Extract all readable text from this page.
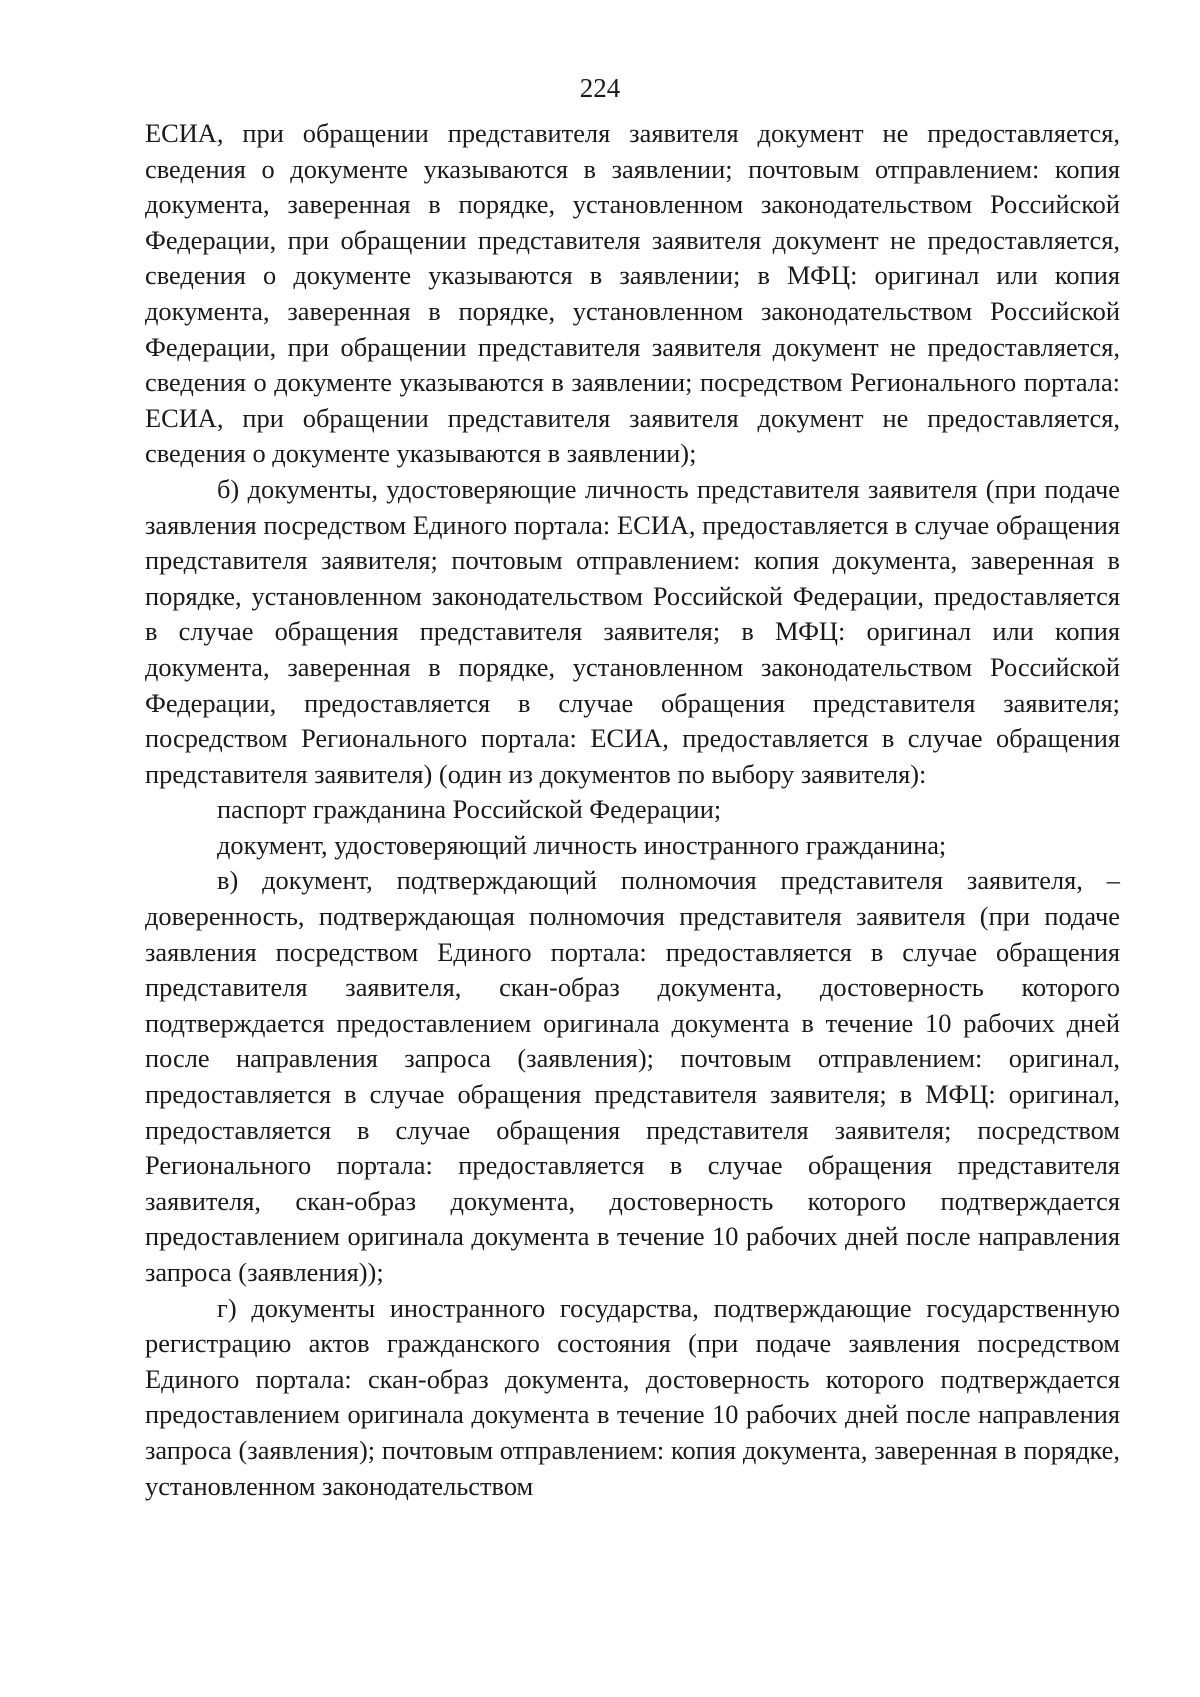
224

ЕСИА, при обращении представителя заявителя документ не предоставляется, сведения о документе указываются в заявлении; почтовым отправлением: копия документа, заверенная в порядке, установленном законодательством Российской Федерации, при обращении представителя заявителя документ не предоставляется, сведения о документе указываются в заявлении; в МФЦ: оригинал или копия документа, заверенная в порядке, установленном законодательством Российской Федерации, при обращении представителя заявителя документ не предоставляется, сведения о документе указываются в заявлении; посредством Регионального портала: ЕСИА, при обращении представителя заявителя документ не предоставляется, сведения о документе указываются в заявлении);

б) документы, удостоверяющие личность представителя заявителя (при подаче заявления посредством Единого портала: ЕСИА, предоставляется в случае обращения представителя заявителя; почтовым отправлением: копия документа, заверенная в порядке, установленном законодательством Российской Федерации, предоставляется в случае обращения представителя заявителя; в МФЦ: оригинал или копия документа, заверенная в порядке, установленном законодательством Российской Федерации, предоставляется в случае обращения представителя заявителя; посредством Регионального портала: ЕСИА, предоставляется в случае обращения представителя заявителя) (один из документов по выбору заявителя):

паспорт гражданина Российской Федерации;

документ, удостоверяющий личность иностранного гражданина;

в) документ, подтверждающий полномочия представителя заявителя, – доверенность, подтверждающая полномочия представителя заявителя (при подаче заявления посредством Единого портала: предоставляется в случае обращения представителя заявителя, скан-образ документа, достоверность которого подтверждается предоставлением оригинала документа в течение 10 рабочих дней после направления запроса (заявления); почтовым отправлением: оригинал, предоставляется в случае обращения представителя заявителя; в МФЦ: оригинал, предоставляется в случае обращения представителя заявителя; посредством Регионального портала: предоставляется в случае обращения представителя заявителя, скан-образ документа, достоверность которого подтверждается предоставлением оригинала документа в течение 10 рабочих дней после направления запроса (заявления));

г) документы иностранного государства, подтверждающие государственную регистрацию актов гражданского состояния (при подаче заявления посредством Единого портала: скан-образ документа, достоверность которого подтверждается предоставлением оригинала документа в течение 10 рабочих дней после направления запроса (заявления); почтовым отправлением: копия документа, заверенная в порядке, установленном законодательством
